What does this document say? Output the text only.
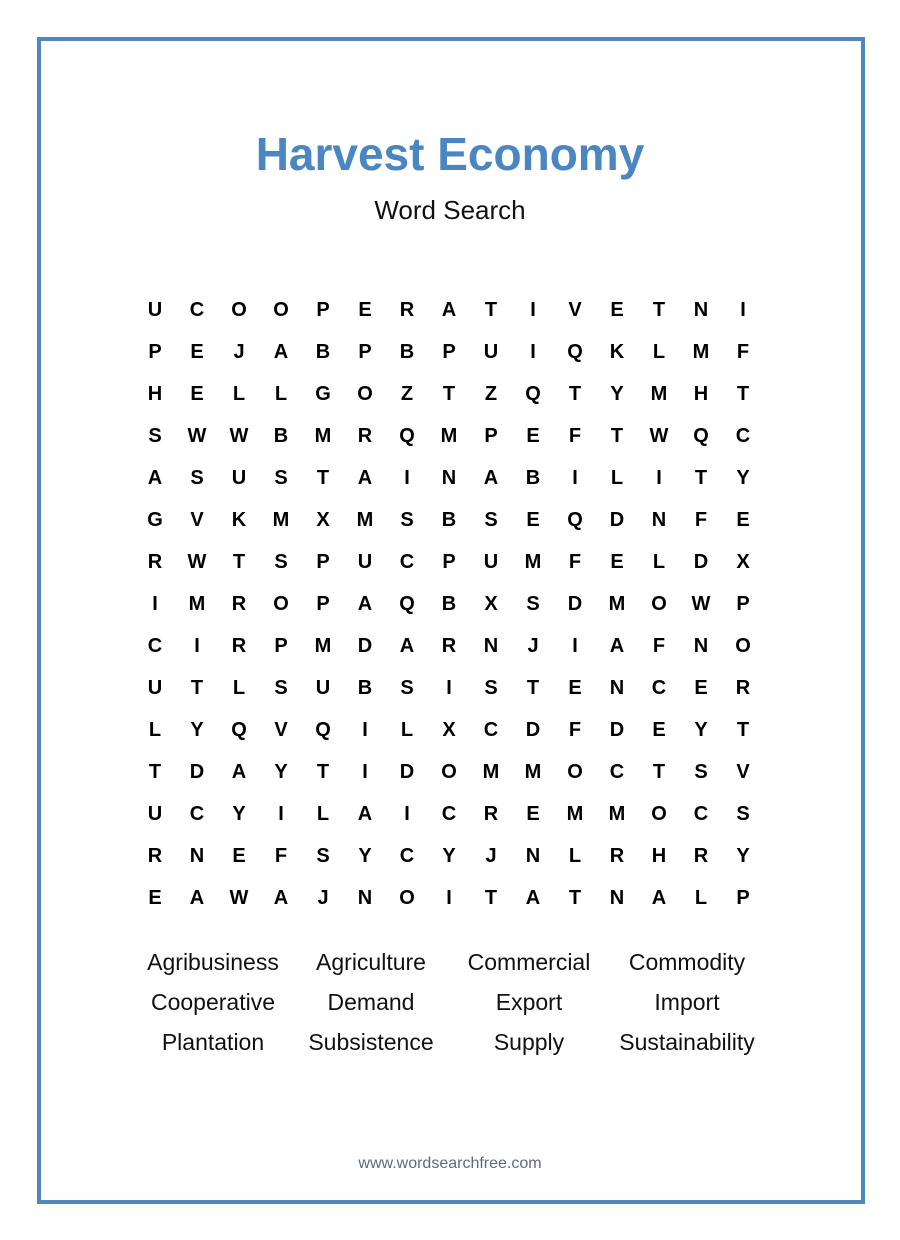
Harvest Economy
Word Search
U	C	O	O	P	E	R	A	T	I	V	E	T	N	I
P	E	J	A	B	P	B	P	U	I	Q	K	L	M	F
H	E	L	L	G	O	Z	T	Z	Q	T	Y	M	H	T
S	W	W	B	M	R	Q	M	P	E	F	T	W	Q	C
A	S	U	S	T	A	I	N	A	B	I	L	I	T	Y
G	V	K	M	X	M	S	B	S	E	Q	D	N	F	E
R	W	T	S	P	U	C	P	U	M	F	E	L	D	X
I	M	R	O	P	A	Q	B	X	S	D	M	O	W	P
C	I	R	P	M	D	A	R	N	J	I	A	F	N	O
U	T	L	S	U	B	S	I	S	T	E	N	C	E	R
L	Y	Q	V	Q	I	L	X	C	D	F	D	E	Y	T
T	D	A	Y	T	I	D	O	M	M	O	C	T	S	V
U	C	Y	I	L	A	I	C	R	E	M	M	O	C	S
R	N	E	F	S	Y	C	Y	J	N	L	R	H	R	Y
E	A	W	A	J	N	O	I	T	A	T	N	A	L	P
Agribusiness	Agriculture	Commercial	Commodity
Cooperative	Demand	Export	Import
Plantation	Subsistence	Supply	Sustainability
www.wordsearchfree.com
